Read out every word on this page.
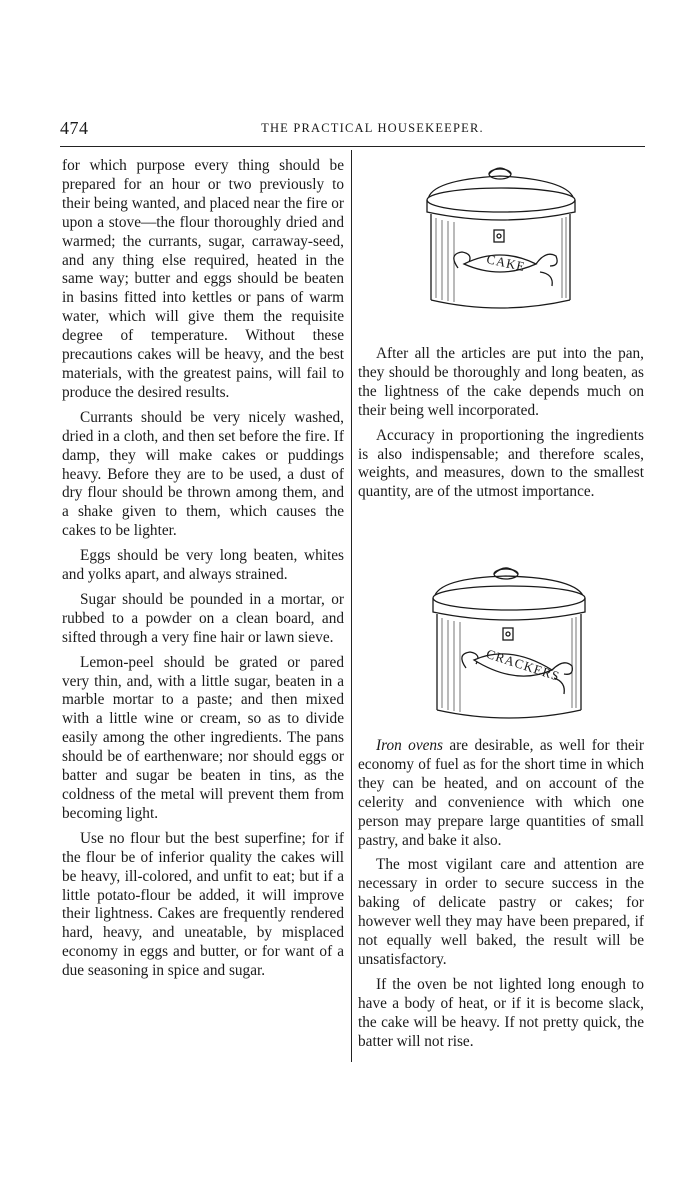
474	THE PRACTICAL HOUSEKEEPER.

for which purpose every thing should be prepared for an hour or two previously to their being wanted, and placed near the fire or upon a stove—the flour thoroughly dried and warmed; the currants, sugar, carraway-seed, and any thing else required, heated in the same way; butter and eggs should be beaten in basins fitted into kettles or pans of warm water, which will give them the requisite degree of temperature. Without these precautions cakes will be heavy, and the best materials, with the greatest pains, will fail to produce the desired results.

Currants should be very nicely washed, dried in a cloth, and then set before the fire. If damp, they will make cakes or puddings heavy. Before they are to be used, a dust of dry flour should be thrown among them, and a shake given to them, which causes the cakes to be lighter.

Eggs should be very long beaten, whites and yolks apart, and always strained.

Sugar should be pounded in a mortar, or rubbed to a powder on a clean board, and sifted through a very fine hair or lawn sieve.

Lemon-peel should be grated or pared very thin, and, with a little sugar, beaten in a marble mortar to a paste; and then mixed with a little wine or cream, so as to divide easily among the other ingredients. The pans should be of earthenware; nor should eggs or batter and sugar be beaten in tins, as the coldness of the metal will prevent them from becoming light.

Use no flour but the best superfine; for if the flour be of inferior quality the cakes will be heavy, ill-colored, and unfit to eat; but if a little potato-flour be added, it will improve their lightness. Cakes are frequently rendered hard, heavy, and uneatable, by misplaced economy in eggs and butter, or for want of a due seasoning in spice and sugar.

CAKE

After all the articles are put into the pan, they should be thoroughly and long beaten, as the lightness of the cake depends much on their being well incorporated.

Accuracy in proportioning the ingredients is also indispensable; and therefore scales, weights, and measures, down to the smallest quantity, are of the utmost importance.

CRACKERS

Iron ovens are desirable, as well for their economy of fuel as for the short time in which they can be heated, and on account of the celerity and convenience with which one person may prepare large quantities of small pastry, and bake it also.

The most vigilant care and attention are necessary in order to secure success in the baking of delicate pastry or cakes; for however well they may have been prepared, if not equally well baked, the result will be unsatisfactory.

If the oven be not lighted long enough to have a body of heat, or if it is become slack, the cake will be heavy. If not pretty quick, the batter will not rise.
